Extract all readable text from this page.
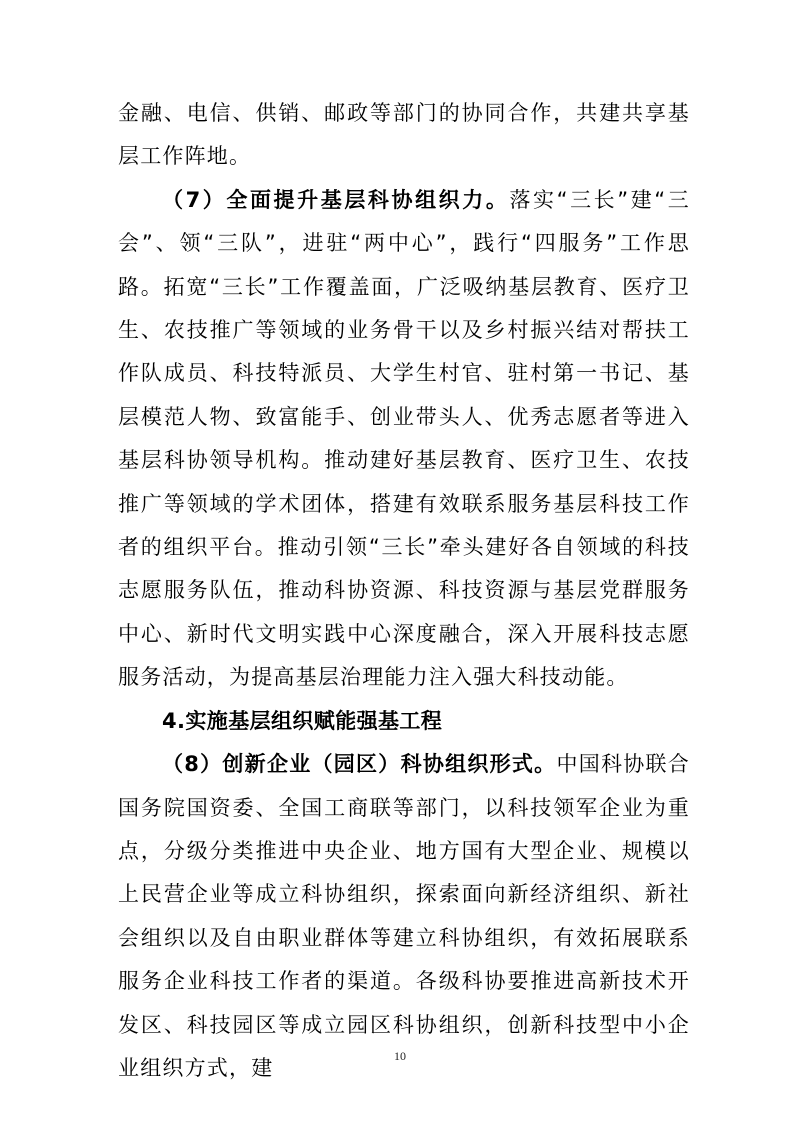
金融、电信、供销、邮政等部门的协同合作，共建共享基层工作阵地。

（7）全面提升基层科协组织力。落实“三长”建“三会”、领“三队”，进驻“两中心”，践行“四服务”工作思路。拓宽“三长”工作覆盖面，广泛吸纳基层教育、医疗卫生、农技推广等领域的业务骨干以及乡村振兴结对帮扶工作队成员、科技特派员、大学生村官、驻村第一书记、基层模范人物、致富能手、创业带头人、优秀志愿者等进入基层科协领导机构。推动建好基层教育、医疗卫生、农技推广等领域的学术团体，搭建有效联系服务基层科技工作者的组织平台。推动引领“三长”牵头建好各自领域的科技志愿服务队伍，推动科协资源、科技资源与基层党群服务中心、新时代文明实践中心深度融合，深入开展科技志愿服务活动，为提高基层治理能力注入强大科技动能。

4.实施基层组织赋能强基工程

（8）创新企业（园区）科协组织形式。中国科协联合国务院国资委、全国工商联等部门，以科技领军企业为重点，分级分类推进中央企业、地方国有大型企业、规模以上民营企业等成立科协组织，探索面向新经济组织、新社会组织以及自由职业群体等建立科协组织，有效拓展联系服务企业科技工作者的渠道。各级科协要推进高新技术开发区、科技园区等成立园区科协组织，创新科技型中小企业组织方式，建	10
